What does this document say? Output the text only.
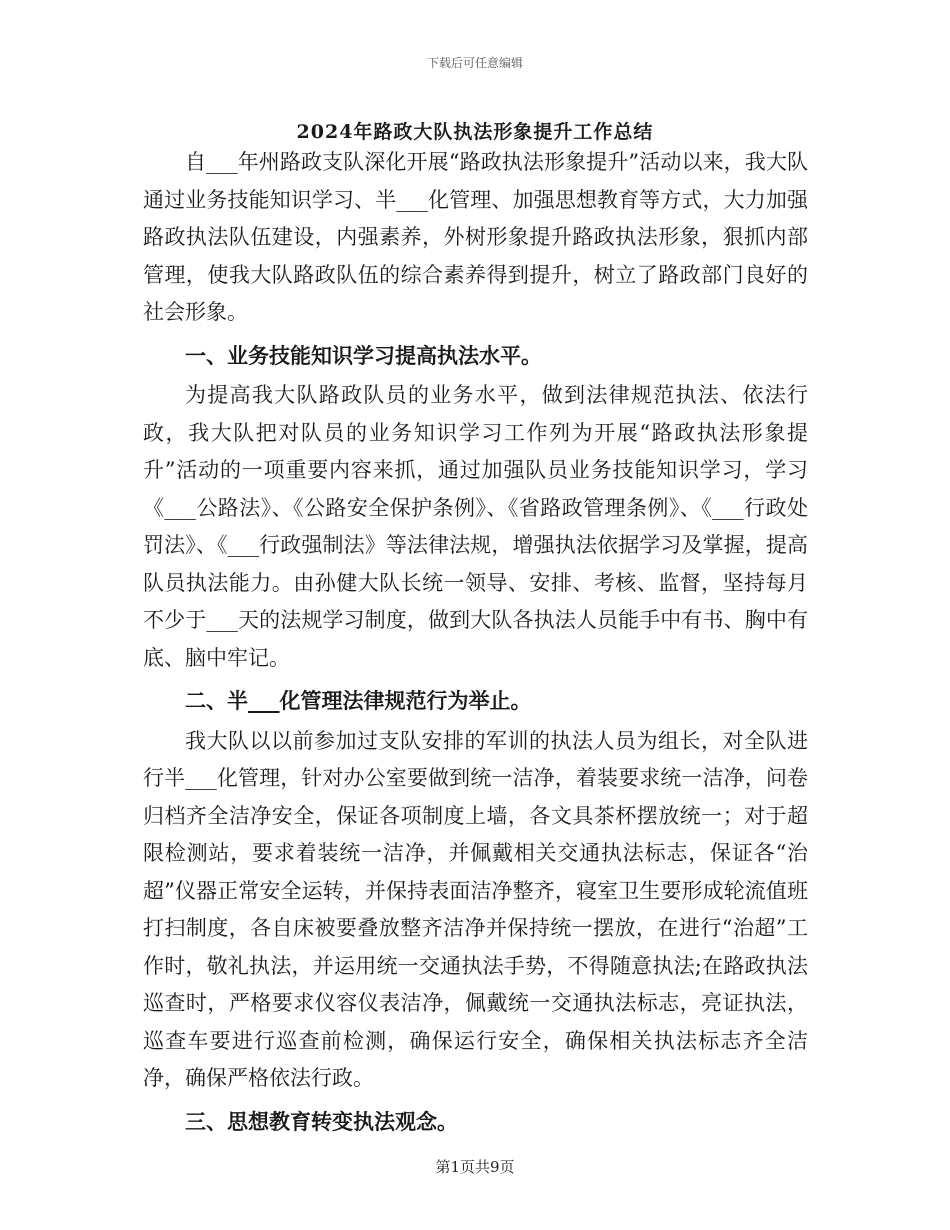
下载后可任意编辑
2024年路政大队执法形象提升工作总结

自___年州路政支队深化开展“路政执法形象提升”活动以来，我大队通过业务技能知识学习、半___化管理、加强思想教育等方式，大力加强路政执法队伍建设，内强素养，外树形象提升路政执法形象，狠抓内部管理，使我大队路政队伍的综合素养得到提升，树立了路政部门良好的社会形象。

一、业务技能知识学习提高执法水平。

为提高我大队路政队员的业务水平，做到法律规范执法、依法行政，我大队把对队员的业务知识学习工作列为开展“路政执法形象提升”活动的一项重要内容来抓，通过加强队员业务技能知识学习，学习《___公路法》、《公路安全保护条例》、《省路政管理条例》、《___行政处罚法》、《___行政强制法》等法律法规，增强执法依据学习及掌握，提高队员执法能力。由孙健大队长统一领导、安排、考核、监督，坚持每月不少于___天的法规学习制度，做到大队各执法人员能手中有书、胸中有底、脑中牢记。

二、半___化管理法律规范行为举止。

我大队以以前参加过支队安排的军训的执法人员为组长，对全队进行半___化管理，针对办公室要做到统一洁净，着装要求统一洁净，问卷归档齐全洁净安全，保证各项制度上墙，各文具茶杯摆放统一；对于超限检测站，要求着装统一洁净，并佩戴相关交通执法标志，保证各“治超”仪器正常安全运转，并保持表面洁净整齐，寝室卫生要形成轮流值班打扫制度，各自床被要叠放整齐洁净并保持统一摆放，在进行“治超”工作时，敬礼执法，并运用统一交通执法手势，不得随意执法;在路政执法巡查时，严格要求仪容仪表洁净，佩戴统一交通执法标志，亮证执法，巡查车要进行巡查前检测，确保运行安全，确保相关执法标志齐全洁净，确保严格依法行政。

三、思想教育转变执法观念。

第1页共9页
